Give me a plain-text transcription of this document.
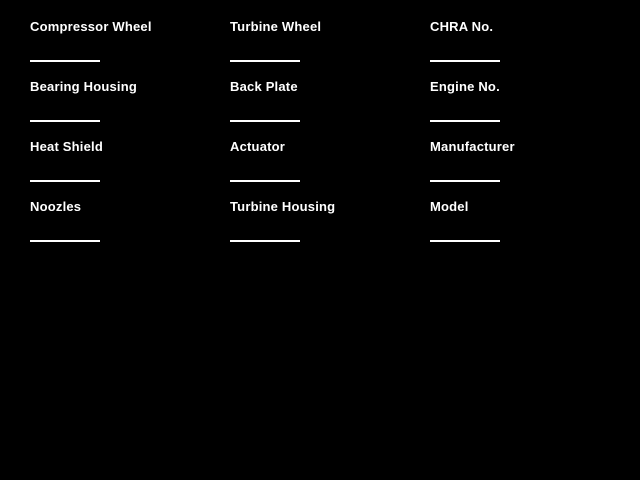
Compressor Wheel	Turbine Wheel	CHRA No.
Bearing Housing	Back Plate	Engine No.
Heat Shield	Actuator	Manufacturer
Noozles	Turbine Housing	Model
